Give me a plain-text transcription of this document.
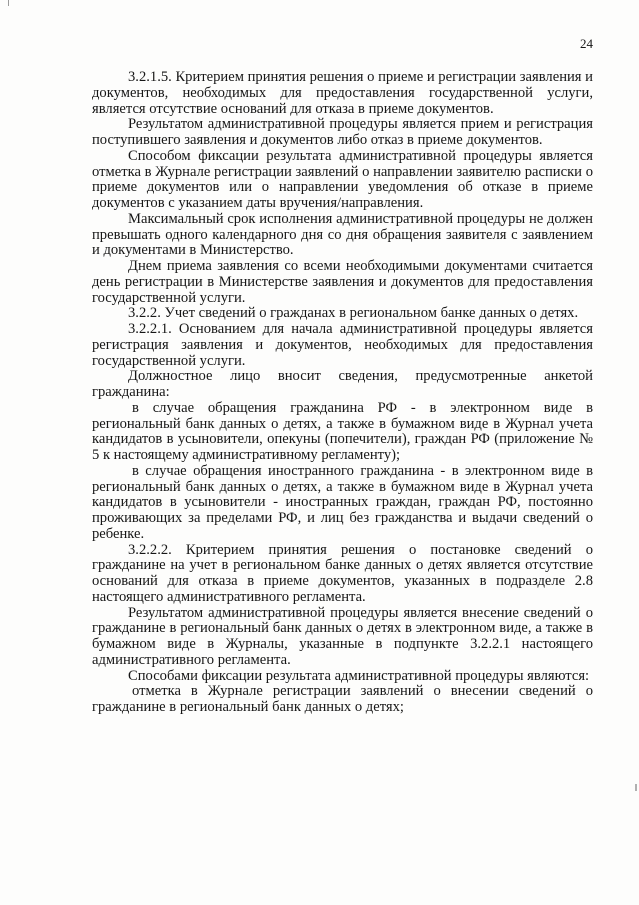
24

3.2.1.5. Критерием принятия решения о приеме и регистрации заявления и документов, необходимых для предоставления государственной услуги, является отсутствие оснований для отказа в приеме документов.

Результатом административной процедуры является прием и регистрация поступившего заявления и документов либо отказ в приеме документов.

Способом фиксации результата административной процедуры является отметка в Журнале регистрации заявлений о направлении заявителю расписки о приеме документов или о направлении уведомления об отказе в приеме документов с указанием даты вручения/направления.

Максимальный срок исполнения административной процедуры не должен превышать одного календарного дня со дня обращения заявителя с заявлением и документами в Министерство.

Днем приема заявления со всеми необходимыми документами считается день регистрации в Министерстве заявления и документов для предоставления государственной услуги.

3.2.2. Учет сведений о гражданах в региональном банке данных о детях.

3.2.2.1. Основанием для начала административной процедуры является регистрация заявления и документов, необходимых для предоставления государственной услуги.

Должностное лицо вносит сведения, предусмотренные анкетой гражданина:

в случае обращения гражданина РФ - в электронном виде в региональный банк данных о детях, а также в бумажном виде в Журнал учета кандидатов в усыновители, опекуны (попечители), граждан РФ (приложение № 5 к настоящему административному регламенту);

в случае обращения иностранного гражданина - в электронном виде в региональный банк данных о детях, а также в бумажном виде в Журнал учета кандидатов в усыновители - иностранных граждан, граждан РФ, постоянно проживающих за пределами РФ, и лиц без гражданства и выдачи сведений о ребенке.

3.2.2.2. Критерием принятия решения о постановке сведений о гражданине на учет в региональном банке данных о детях является отсутствие оснований для отказа в приеме документов, указанных в подразделе 2.8 настоящего административного регламента.

Результатом административной процедуры является внесение сведений о гражданине в региональный банк данных о детях в электронном виде, а также в бумажном виде в Журналы, указанные в подпункте 3.2.2.1 настоящего административного регламента.

Способами фиксации результата административной процедуры являются:

отметка в Журнале регистрации заявлений о внесении сведений о гражданине в региональный банк данных о детях;
